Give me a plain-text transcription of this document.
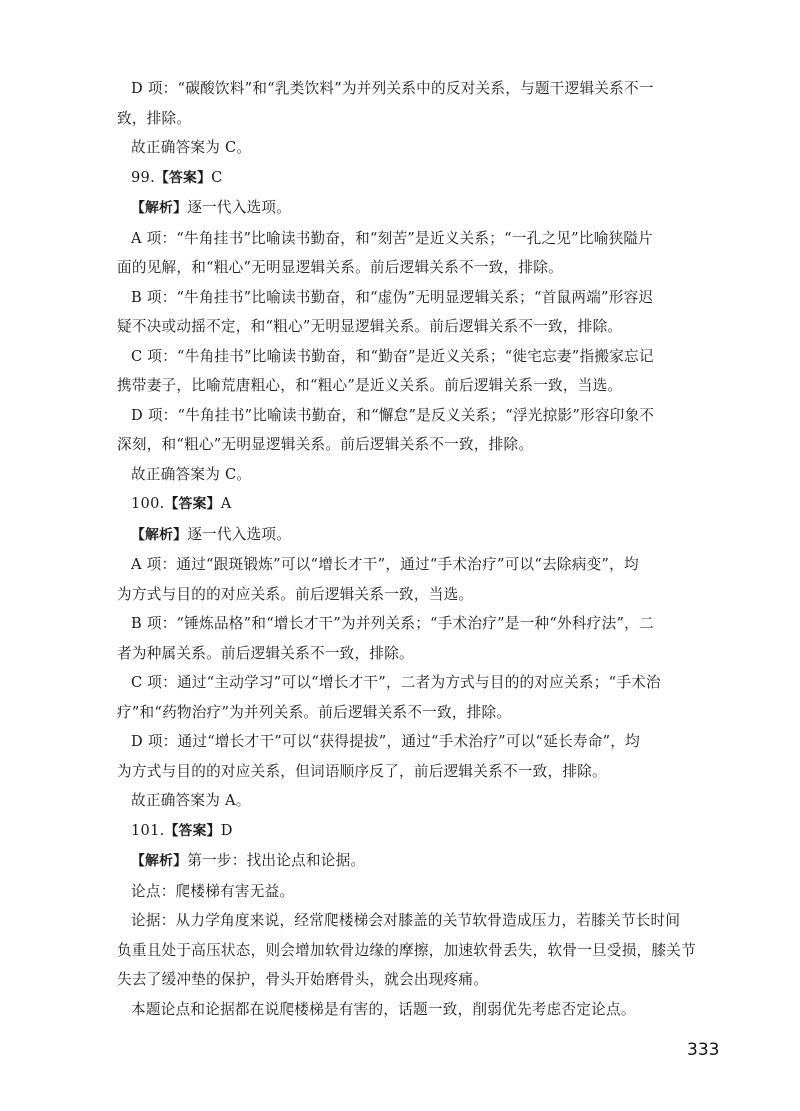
D 项：“碳酸饮料”和“乳类饮料”为并列关系中的反对关系，与题干逻辑关系不一
致，排除。
故正确答案为 C。
99.【答案】C
【解析】逐一代入选项。
A 项：“牛角挂书”比喻读书勤奋，和“刻苦”是近义关系；“一孔之见”比喻狭隘片
面的见解，和“粗心”无明显逻辑关系。前后逻辑关系不一致，排除。
B 项：“牛角挂书”比喻读书勤奋，和“虚伪”无明显逻辑关系；“首鼠两端”形容迟
疑不决或动摇不定，和“粗心”无明显逻辑关系。前后逻辑关系不一致，排除。
C 项：“牛角挂书”比喻读书勤奋，和“勤奋”是近义关系；“徙宅忘妻”指搬家忘记
携带妻子，比喻荒唐粗心，和“粗心”是近义关系。前后逻辑关系一致，当选。
D 项：“牛角挂书”比喻读书勤奋，和“懈怠”是反义关系；“浮光掠影”形容印象不
深刻，和“粗心”无明显逻辑关系。前后逻辑关系不一致，排除。
故正确答案为 C。
100.【答案】A
【解析】逐一代入选项。
A 项：通过“跟斑锻炼”可以“增长才干”，通过“手术治疗”可以“去除病变”，均
为方式与目的的对应关系。前后逻辑关系一致，当选。
B 项：“锤炼品格”和“增长才干”为并列关系；“手术治疗”是一种“外科疗法”，二
者为种属关系。前后逻辑关系不一致，排除。
C 项：通过“主动学习”可以“增长才干”，二者为方式与目的的对应关系；“手术治
疗”和“药物治疗”为并列关系。前后逻辑关系不一致，排除。
D 项：通过“增长才干”可以“获得提拔”，通过“手术治疗”可以“延长寿命”，均
为方式与目的的对应关系，但词语顺序反了，前后逻辑关系不一致，排除。
故正确答案为 A。
101.【答案】D
【解析】第一步：找出论点和论据。
论点：爬楼梯有害无益。
论据：从力学角度来说，经常爬楼梯会对膝盖的关节软骨造成压力，若膝关节长时间
负重且处于高压状态，则会增加软骨边缘的摩擦，加速软骨丢失，软骨一旦受损，膝关节
失去了缓冲垫的保护，骨头开始磨骨头，就会出现疼痛。
本题论点和论据都在说爬楼梯是有害的，话题一致，削弱优先考虑否定论点。
333
